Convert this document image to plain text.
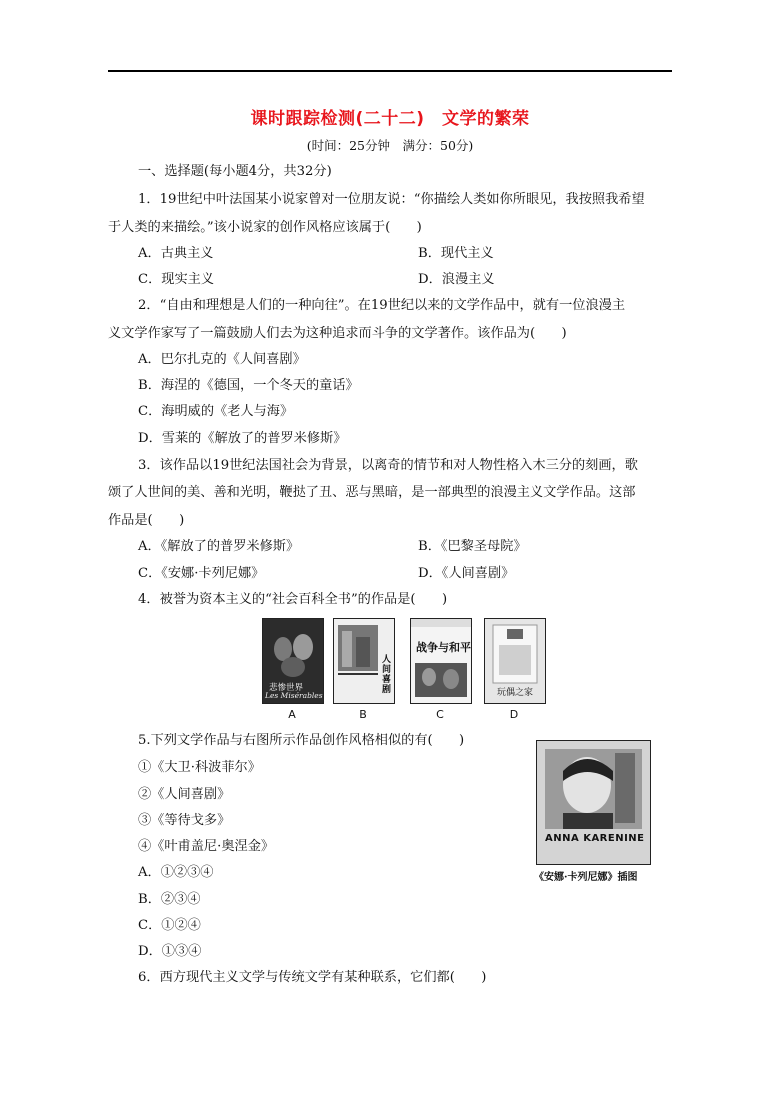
课时跟踪检测(二十二)　文学的繁荣
(时间：25分钟　满分：50分)
一、选择题(每小题4分，共32分)
1．19世纪中叶法国某小说家曾对一位朋友说：“你描绘人类如你所眼见，我按照我希望
于人类的来描绘。”该小说家的创作风格应该属于(　　)
A．古典主义	B．现代主义
C．现实主义	D．浪漫主义
2．“自由和理想是人们的一种向往”。在19世纪以来的文学作品中，就有一位浪漫主
义文学作家写了一篇鼓励人们去为这种追求而斗争的文学著作。该作品为(　　)
A．巴尔扎克的《人间喜剧》
B．海涅的《德国，一个冬天的童话》
C．海明威的《老人与海》
D．雪莱的《解放了的普罗米修斯》
3．该作品以19世纪法国社会为背景，以离奇的情节和对人物性格入木三分的刻画，歌
颂了人世间的美、善和光明，鞭挞了丑、恶与黑暗，是一部典型的浪漫主义文学作品。这部
作品是(　　)
A．《解放了的普罗米修斯》	B．《巴黎圣母院》
C．《安娜·卡列尼娜》	D．《人间喜剧》
4．被誉为资本主义的“社会百科全书”的作品是(　　)
悲惨世界
Les Misérables
人间喜剧
战争与和平
玩偶之家
A	B	C	D
5.下列文学作品与右图所示作品创作风格相似的有(　　)
①《大卫·科波菲尔》
②《人间喜剧》
③《等待戈多》
④《叶甫盖尼·奥涅金》
A．①②③④
B．②③④
C．①②④
D．①③④
ANNA KARENINE
《安娜·卡列尼娜》插图
6．西方现代主义文学与传统文学有某种联系，它们都(　　)
